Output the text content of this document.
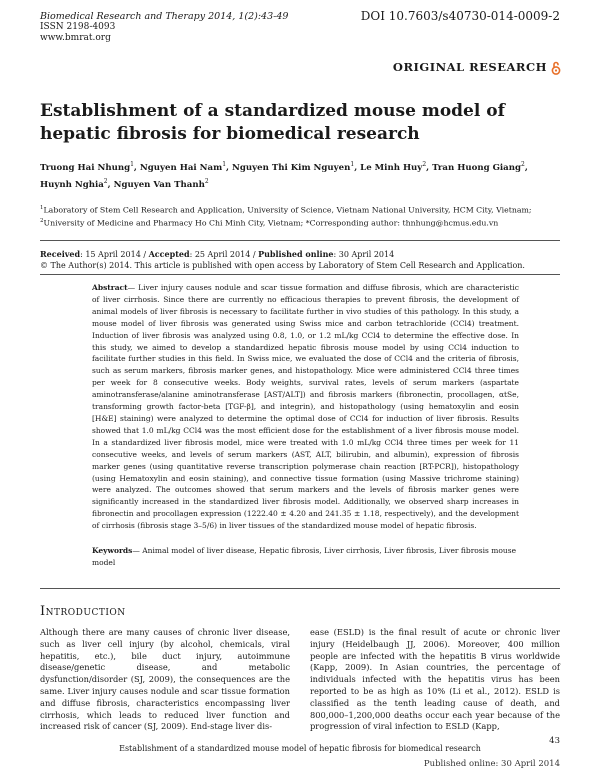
Biomedical Research and Therapy 2014, 1(2):43-49
ISSN 2198-4093
www.bmrat.org
DOI 10.7603/s40730-014-0009-2
ORIGINAL RESEARCH
Establishment of a standardized mouse model of hepatic fibrosis for biomedical research
Truong Hai Nhung$^1$, Nguyen Hai Nam$^1$, Nguyen Thi Kim Nguyen$^1$, Le Minh Huy$^2$, Tran Huong Giang$^2$, Huynh Nghia$^2$, Nguyen Van Thanh$^2$
$^1$Laboratory of Stem Cell Research and Application, University of Science, Vietnam National University, HCM City, Vietnam;
$^2$University of Medicine and Pharmacy Ho Chi Minh City, Vietnam; *Corresponding author: thnhung@hcmus.edu.vn
Received: 15 April 2014 / Accepted: 25 April 2014 / Published online: 30 April 2014
© The Author(s) 2014. This article is published with open access by Laboratory of Stem Cell Research and Application.
Abstract— Liver injury causes nodule and scar tissue formation and diffuse fibrosis, which are characteristic of liver cirrhosis. Since there are currently no efficacious therapies to prevent fibrosis, the development of animal models of liver fibrosis is necessary to facilitate further in vivo studies of this pathology. In this study, a mouse model of liver fibrosis was generated using Swiss mice and carbon tetrachloride (CCl4) treatment. Induction of liver fibrosis was analyzed using 0.8, 1.0, or 1.2 mL/kg CCl4 to determine the effective dose. In this study, we aimed to develop a standardized hepatic fibrosis mouse model by using CCl4 induction to facilitate further studies in this field. In Swiss mice, we evaluated the dose of CCl4 and the criteria of fibrosis, such as serum markers, fibrosis marker genes, and histopathology. Mice were administered CCl4 three times per week for 8 consecutive weeks. Body weights, survival rates, levels of serum markers (aspartate aminotransferase/alanine aminotransferase [AST/ALT]) and fibrosis markers (fibronectin, procollagen, αtSe, transforming growth factor-beta [TGF-β], and integrin), and histopathology (using hematoxylin and eosin [H&E] staining) were analyzed to determine the optimal dose of CCl4 for induction of liver fibrosis. Results showed that 1.0 mL/kg CCl4 was the most efficient dose for the establishment of a liver fibrosis mouse model. In a standardized liver fibrosis model, mice were treated with 1.0 mL/kg CCl4 three times per week for 11 consecutive weeks, and levels of serum markers (AST, ALT, bilirubin, and albumin), expression of fibrosis marker genes (using quantitative reverse transcription polymerase chain reaction [RT-PCR]), histopathology (using Hematoxylin and eosin staining), and connective tissue formation (using Massive trichrome staining) were analyzed. The outcomes showed that serum markers and the levels of fibrosis marker genes were significantly increased in the standardized liver fibrosis model. Additionally, we observed sharp increases in fibronectin and procollagen expression (1222.40 ± 4.20 and 241.35 ± 1.18, respectively), and the development of cirrhosis (fibrosis stage 3–5/6) in liver tissues of the standardized mouse model of hepatic fibrosis.
Keywords— Animal model of liver disease, Hepatic fibrosis, Liver cirrhosis, Liver fibrosis, Liver fibrosis mouse model
Introduction
Although there are many causes of chronic liver disease, such as liver cell injury (by alcohol, chemicals, viral hepatitis, etc.), bile duct injury, autoimmune disease/genetic disease, and metabolic dysfunction/disorder (SJ, 2009), the consequences are the same. Liver injury causes nodule and scar tissue formation and diffuse fibrosis, characteristics encompassing liver cirrhosis, which leads to reduced liver function and increased risk of cancer (SJ, 2009). End-stage liver dis-
ease (ESLD) is the final result of acute or chronic liver injury (Heidelbaugh JJ, 2006). Moreover, 400 million people are infected with the hepatitis B virus worldwide (Kapp, 2009). In Asian countries, the percentage of individuals infected with the hepatitis virus has been reported to be as high as 10% (Li et al., 2012). ESLD is classified as the tenth leading cause of death, and 800,000–1,200,000 deaths occur each year because of the progression of viral infection to ESLD (Kapp,
43
Establishment of a standardized mouse model of hepatic fibrosis for biomedical research
Published online: 30 April 2014
